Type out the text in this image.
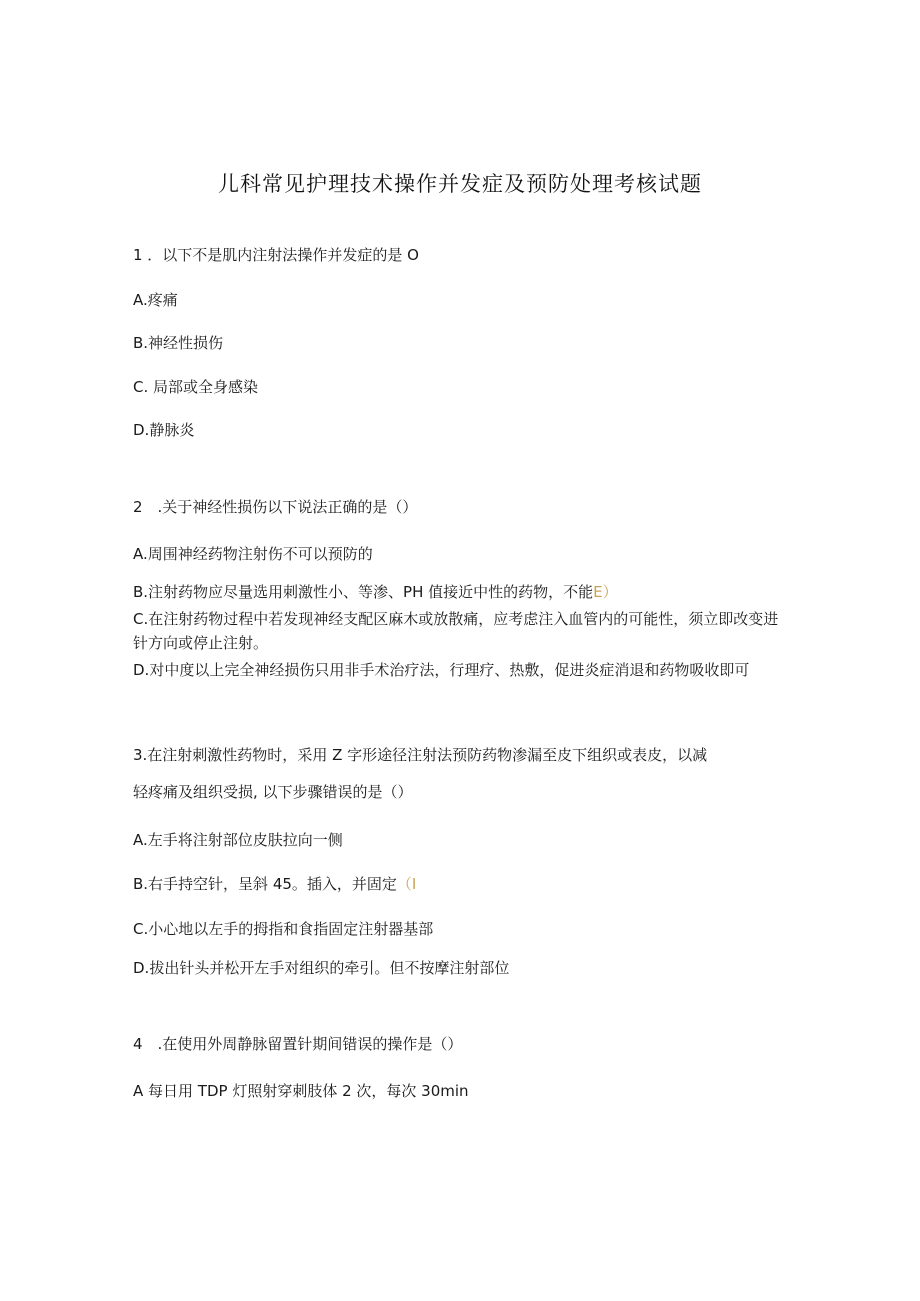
儿科常见护理技术操作并发症及预防处理考核试题
1 ．以下不是肌内注射法操作并发症的是 O
A.疼痛
B.神经性损伤
C. 局部或全身感染
D.静脉炎
2　.关于神经性损伤以下说法正确的是（）
A.周围神经药物注射伤不可以预防的
B.注射药物应尽量选用刺激性小、等渗、PH 值接近中性的药物，不能E）
C.在注射药物过程中若发现神经支配区麻木或放散痛，应考虑注入血管内的可能性，须立即改变进针方向或停止注射。
D.对中度以上完全神经损伤只用非手术治疗法，行理疗、热敷，促进炎症消退和药物吸收即可
3.在注射刺激性药物时，采用 Z 字形途径注射法预防药物渗漏至皮下组织或表皮，以减
轻疼痛及组织受损, 以下步骤错误的是（）
A.左手将注射部位皮肤拉向一侧
B.右手持空针，呈斜 45。插入，并固定（I
C.小心地以左手的拇指和食指固定注射器基部
D.拔出针头并松开左手对组织的牵引。但不按摩注射部位
4　.在使用外周静脉留置针期间错误的操作是（）
A 每日用 TDP 灯照射穿刺肢体 2 次，每次 30min
